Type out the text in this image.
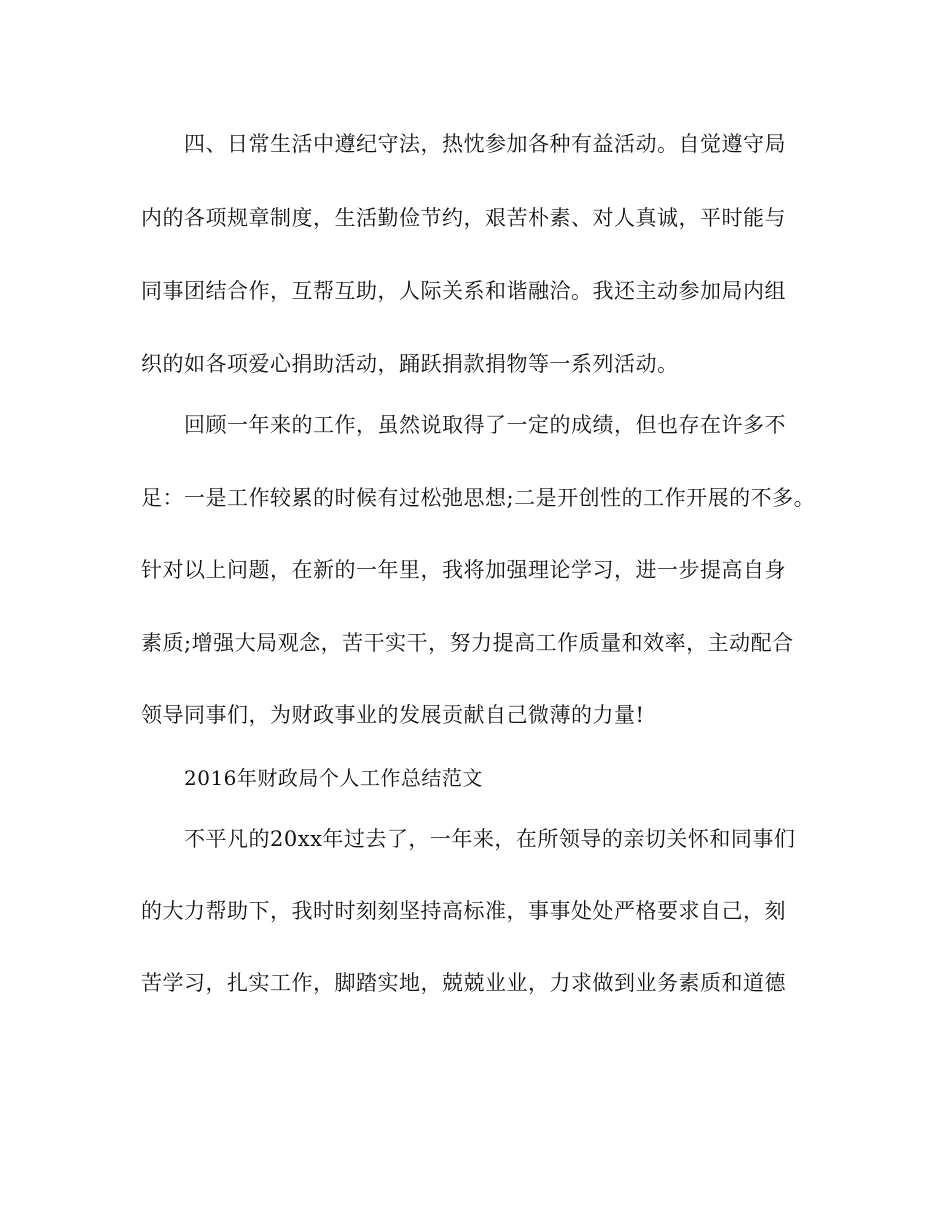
四、日常生活中遵纪守法，热忱参加各种有益活动。自觉遵守局
内的各项规章制度，生活勤俭节约，艰苦朴素、对人真诚，平时能与
同事团结合作，互帮互助，人际关系和谐融洽。我还主动参加局内组
织的如各项爱心捐助活动，踊跃捐款捐物等一系列活动。
回顾一年来的工作，虽然说取得了一定的成绩，但也存在许多不
足：一是工作较累的时候有过松弛思想;二是开创性的工作开展的不多。
针对以上问题，在新的一年里，我将加强理论学习，进一步提高自身
素质;增强大局观念，苦干实干，努力提高工作质量和效率，主动配合
领导同事们，为财政事业的发展贡献自己微薄的力量!
2016年财政局个人工作总结范文
不平凡的20xx年过去了，一年来，在所领导的亲切关怀和同事们
的大力帮助下，我时时刻刻坚持高标准，事事处处严格要求自己，刻
苦学习，扎实工作，脚踏实地，兢兢业业，力求做到业务素质和道德
